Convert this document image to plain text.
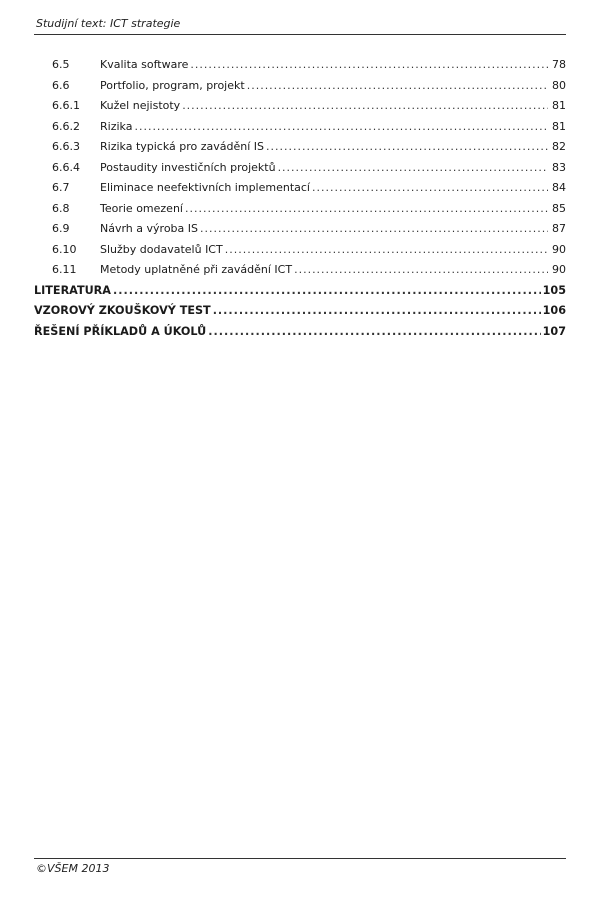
Studijní text: ICT strategie
6.5	Kvalita software .....	78
6.6	Portfolio, program, projekt .....	80
6.6.1	Kužel nejistoty .....	81
6.6.2	Rizika .....	81
6.6.3	Rizika typická pro zavádění IS .....	82
6.6.4	Postaudity investičních projektů .....	83
6.7	Eliminace neefektivních implementací .....	84
6.8	Teorie omezení .....	85
6.9	Návrh a výroba IS .....	87
6.10	Služby dodavatelů ICT .....	90
6.11	Metody uplatněné při zavádění ICT .....	90
LITERATURA .....	105
VZOROVÝ ZKOUŠKOVÝ TEST .....	106
ŘEŠENÍ PŘÍKLADŮ A ÚKOLŮ .....	107
©VŠEM 2013
